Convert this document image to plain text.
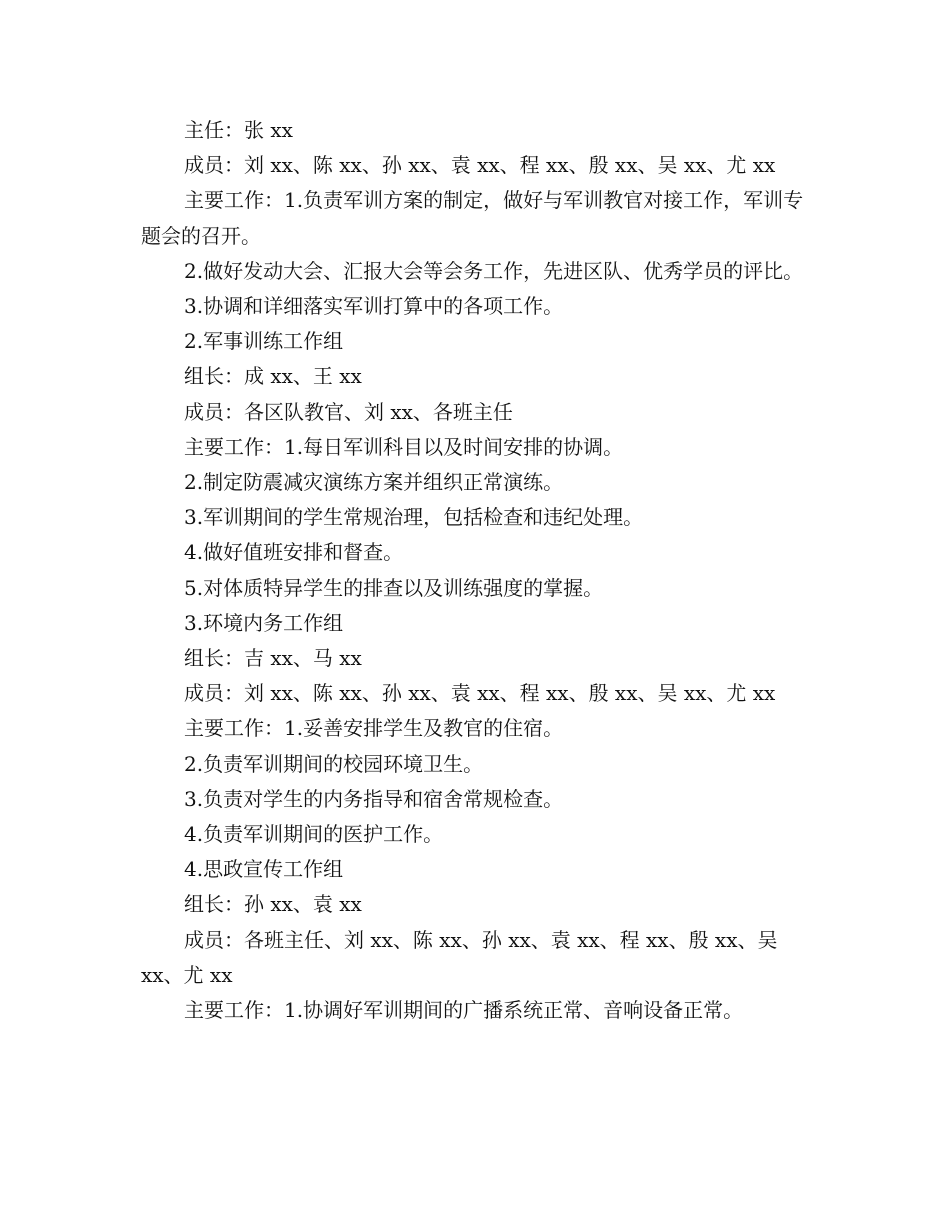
主任：张 xx

成员：刘 xx、陈 xx、孙 xx、袁 xx、程 xx、殷 xx、吴 xx、尤 xx

主要工作：1.负责军训方案的制定，做好与军训教官对接工作，军训专题会的召开。

2.做好发动大会、汇报大会等会务工作，先进区队、优秀学员的评比。

3.协调和详细落实军训打算中的各项工作。

2.军事训练工作组

组长：成 xx、王 xx

成员：各区队教官、刘 xx、各班主任

主要工作：1.每日军训科目以及时间安排的协调。

2.制定防震减灾演练方案并组织正常演练。

3.军训期间的学生常规治理，包括检查和违纪处理。

4.做好值班安排和督查。

5.对体质特异学生的排查以及训练强度的掌握。

3.环境内务工作组

组长：吉 xx、马 xx

成员：刘 xx、陈 xx、孙 xx、袁 xx、程 xx、殷 xx、吴 xx、尤 xx

主要工作：1.妥善安排学生及教官的住宿。

2.负责军训期间的校园环境卫生。

3.负责对学生的内务指导和宿舍常规检查。

4.负责军训期间的医护工作。

4.思政宣传工作组

组长：孙 xx、袁 xx

成员：各班主任、刘 xx、陈 xx、孙 xx、袁 xx、程 xx、殷 xx、吴 xx、尤 xx

主要工作：1.协调好军训期间的广播系统正常、音响设备正常。
